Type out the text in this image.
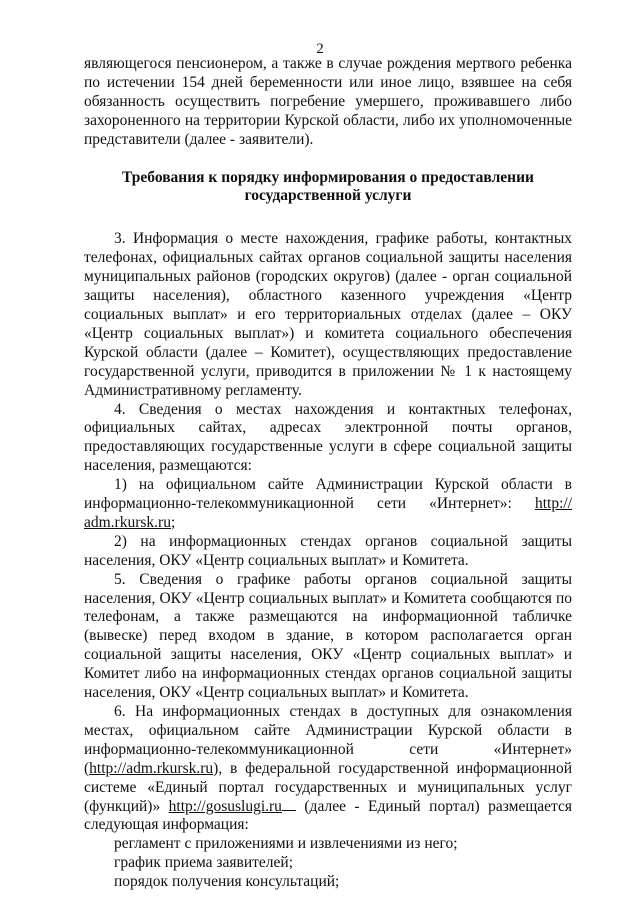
2

являющегося пенсионером, а также в случае рождения мертвого ребенка по истечении 154 дней беременности или иное лицо, взявшее на себя обязанность осуществить погребение умершего, проживавшего либо захороненного на территории Курской области, либо их уполномоченные представители (далее - заявители).

Требования к порядку информирования о предоставлении
государственной услуги

3. Информация о месте нахождения, графике работы, контактных телефонах, официальных сайтах органов социальной защиты населения муниципальных районов (городских округов) (далее - орган социальной защиты населения), областного казенного учреждения «Центр социальных выплат» и его территориальных отделах (далее – ОКУ «Центр социальных выплат») и комитета социального обеспечения Курской области (далее – Комитет), осуществляющих предоставление государственной услуги, приводится в приложении № 1 к настоящему Административному регламенту.

4. Сведения о местах нахождения и контактных телефонах, официальных сайтах, адресах электронной почты органов, предоставляющих государственные услуги в сфере социальной защиты населения, размещаются:

1) на официальном сайте Администрации Курской области в информационно-телекоммуникационной сети «Интернет»: http:// adm.rkursk.ru;

2) на информационных стендах органов социальной защиты населения, ОКУ «Центр социальных выплат» и Комитета.

5. Сведения о графике работы органов социальной защиты населения, ОКУ «Центр социальных выплат» и Комитета сообщаются по телефонам, а также размещаются на информационной табличке (вывеске) перед входом в здание, в котором располагается орган социальной защиты населения, ОКУ «Центр социальных выплат» и Комитет либо на информационных стендах органов социальной защиты населения, ОКУ «Центр социальных выплат» и Комитета.

6. На информационных стендах в доступных для ознакомления местах, официальном сайте Администрации Курской области в информационно-телекоммуникационной сети «Интернет» (http://adm.rkursk.ru), в федеральной государственной информационной системе «Единый портал государственных и муниципальных услуг (функций)» http://gosuslugi.ru (далее - Единый портал) размещается следующая информация:

регламент с приложениями и извлечениями из него;

график приема заявителей;

порядок получения консультаций;
